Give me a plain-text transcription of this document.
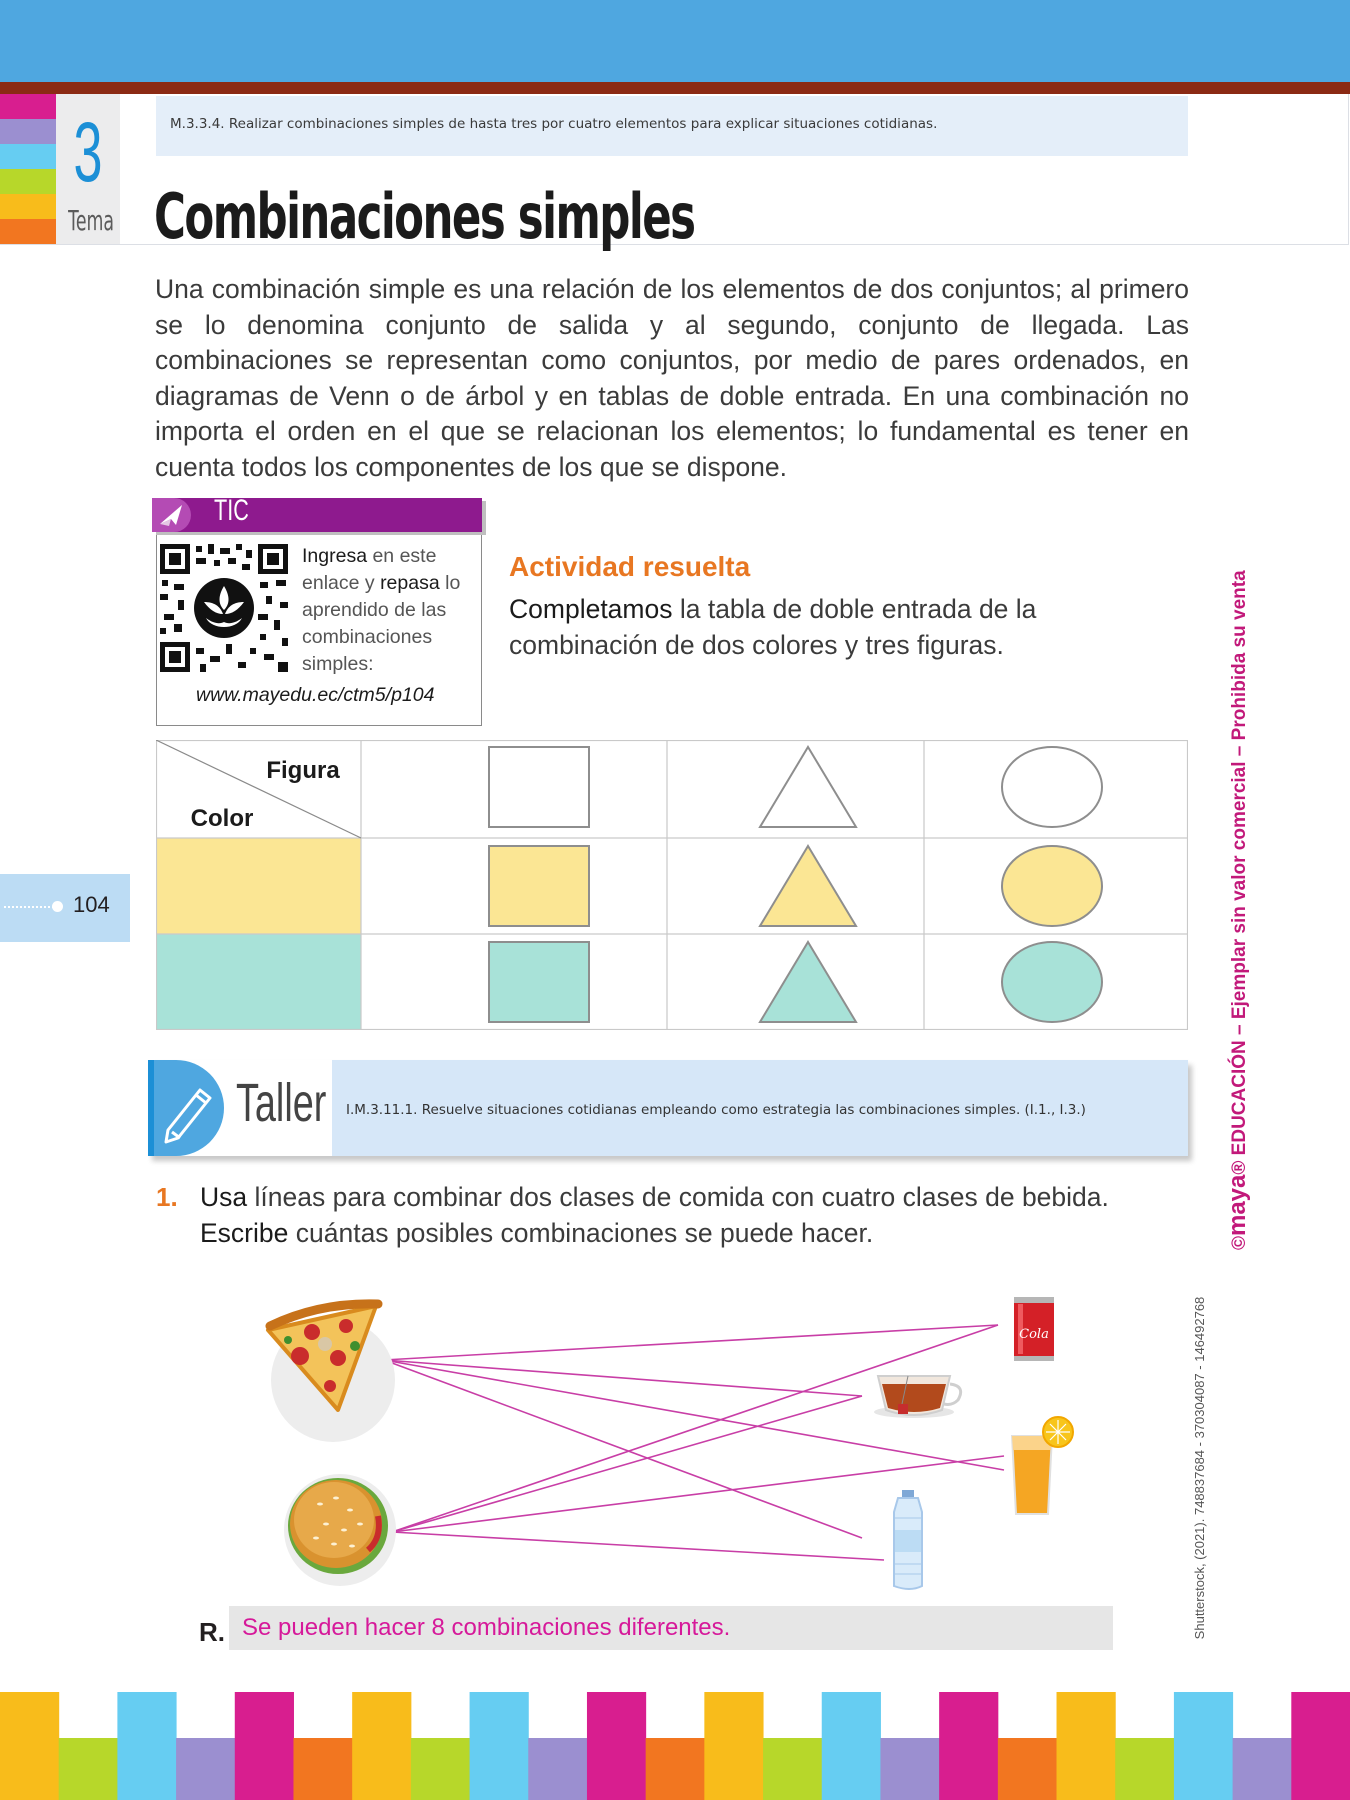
3
Tema
M.3.3.4. Realizar combinaciones simples de hasta tres por cuatro elementos para explicar situaciones cotidianas.
Combinaciones simples
Una combinación simple es una relación de los elementos de dos conjuntos; al primero se lo denomina conjunto de salida y al segundo, conjunto de llegada. Las combinaciones se representan como conjuntos, por medio de pares ordenados, en diagramas de Venn o de árbol y en tablas de doble entrada. En una combinación no importa el orden en el que se relacionan los elementos; lo fundamental es tener en cuenta todos los componentes de los que se dispone.
TIC
Ingresa en este enlace y repasa lo aprendido de las combinaciones simples:
www.mayedu.ec/ctm5/p104
Actividad resuelta
Completamos la tabla de doble entrada de la combinación de dos colores y tres figuras.
Figura
Color
104
Taller I.M.3.11.1. Resuelve situaciones cotidianas empleando como estrategia las combinaciones simples. (I.1., I.3.)
1. Usa líneas para combinar dos clases de comida con cuatro clases de bebida. Escribe cuántas posibles combinaciones se puede hacer.
Cola
R. Se pueden hacer 8 combinaciones diferentes.
©maya® EDUCACIÓN – Ejemplar sin valor comercial – Prohibida su venta
Shutterstock, (2021). 748837684 - 370304087 - 146492768
